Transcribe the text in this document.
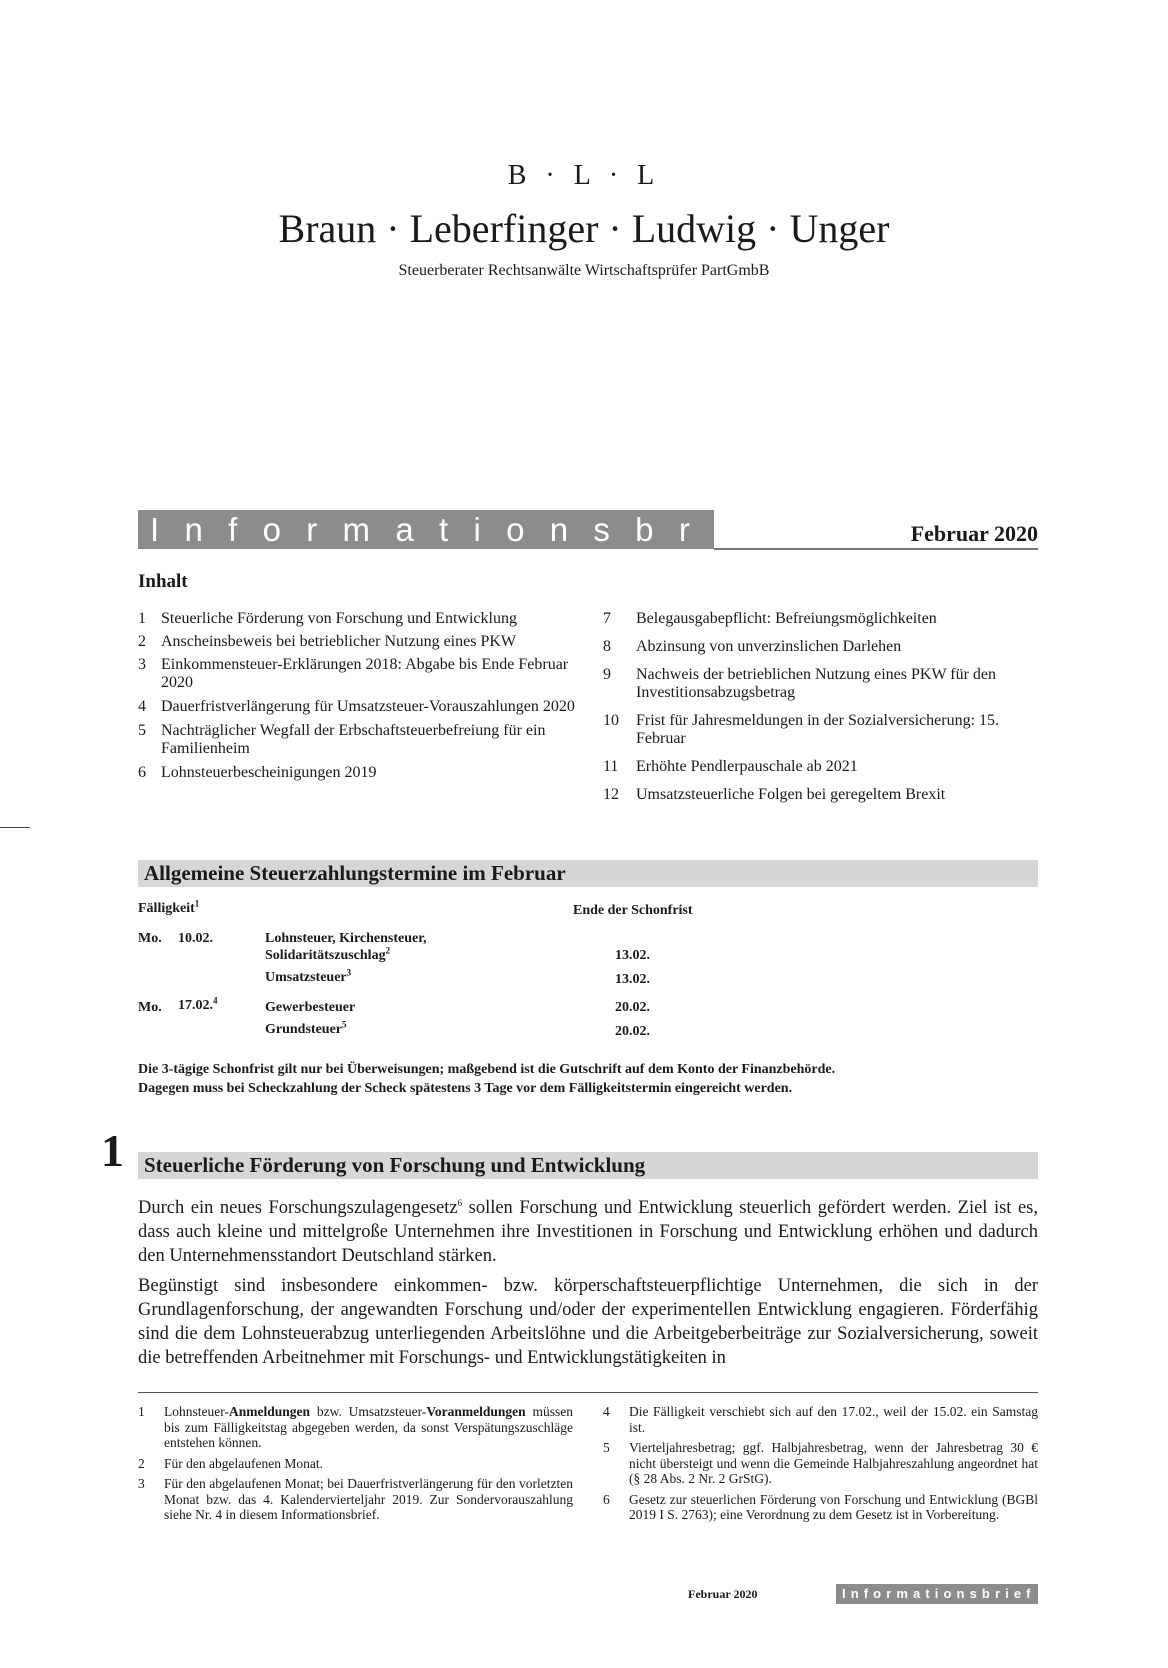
B · L · L
Braun · Leberfinger · Ludwig · Unger
Steuerberater Rechtsanwälte Wirtschaftsprüfer PartGmbB
Informationsbrief	Februar 2020
Inhalt
1 Steuerliche Förderung von Forschung und Entwicklung
2 Anscheinsbeweis bei betrieblicher Nutzung eines PKW
3 Einkommensteuer-Erklärungen 2018: Abgabe bis Ende Februar 2020
4 Dauerfristverlängerung für Umsatzsteuer-Vorauszahlungen 2020
5 Nachträglicher Wegfall der Erbschaftsteuerbefreiung für ein Familienheim
6 Lohnsteuerbescheinigungen 2019
7	Belegausgabepflicht: Befreiungsmöglichkeiten
8	Abzinsung von unverzinslichen Darlehen
9	Nachweis der betrieblichen Nutzung eines PKW für den Investitionsabzugsbetrag
10	Frist für Jahresmeldungen in der Sozialversicherung: 15. Februar
11	Erhöhte Pendlerpauschale ab 2021
12	Umsatzsteuerliche Folgen bei geregeltem Brexit
Allgemeine Steuerzahlungstermine im Februar
Fälligkeit$^1$	Ende der Schonfrist
Mo. 10.02.	Lohnsteuer, Kirchensteuer,
Solidaritätszuschlag$^2$	13.02.
Umsatzsteuer$^3$	13.02.
Mo. 17.02.$^4$	Gewerbesteuer	20.02.
Grundsteuer$^5$	20.02.
Die 3-tägige Schonfrist gilt nur bei Überweisungen; maßgebend ist die Gutschrift auf dem Konto der Finanzbehörde.
Dagegen muss bei Scheckzahlung der Scheck spätestens 3 Tage vor dem Fälligkeitstermin eingereicht werden.
1 Steuerliche Förderung von Forschung und Entwicklung

Durch ein neues Forschungszulagengesetz$^6$ sollen Forschung und Entwicklung steuerlich gefördert werden. Ziel ist es, dass auch kleine und mittelgroße Unternehmen ihre Investitionen in Forschung und Entwicklung erhöhen und dadurch den Unternehmensstandort Deutschland stärken.

Begünstigt sind insbesondere einkommen- bzw. körperschaftsteuerpflichtige Unternehmen, die sich in der Grundlagenforschung, der angewandten Forschung und/oder der experimentellen Entwicklung engagieren. Förderfähig sind die dem Lohnsteuerabzug unterliegenden Arbeitslöhne und die Arbeitgeberbeiträge zur Sozialversicherung, soweit die betreffenden Arbeitnehmer mit Forschungs- und Entwicklungstätigkeiten in

1	Lohnsteuer-Anmeldungen bzw. Umsatzsteuer-Voranmeldungen müssen bis zum Fälligkeitstag abgegeben werden, da sonst Verspätungszuschläge entstehen können.
2	Für den abgelaufenen Monat.
3	Für den abgelaufenen Monat; bei Dauerfristverlängerung für den vorletzten Monat bzw. das 4. Kalendervierteljahr 2019. Zur Sondervorauszahlung siehe Nr. 4 in diesem Informationsbrief.
4	Die Fälligkeit verschiebt sich auf den 17.02., weil der 15.02. ein Samstag ist.
5	Vierteljahresbetrag; ggf. Halbjahresbetrag, wenn der Jahresbetrag 30 € nicht übersteigt und wenn die Gemeinde Halbjahreszahlung angeordnet hat (§ 28 Abs. 2 Nr. 2 GrStG).
6	Gesetz zur steuerlichen Förderung von Forschung und Entwicklung (BGBl 2019 I S. 2763); eine Verordnung zu dem Gesetz ist in Vorbereitung.
Februar 2020	Informationsbrief
